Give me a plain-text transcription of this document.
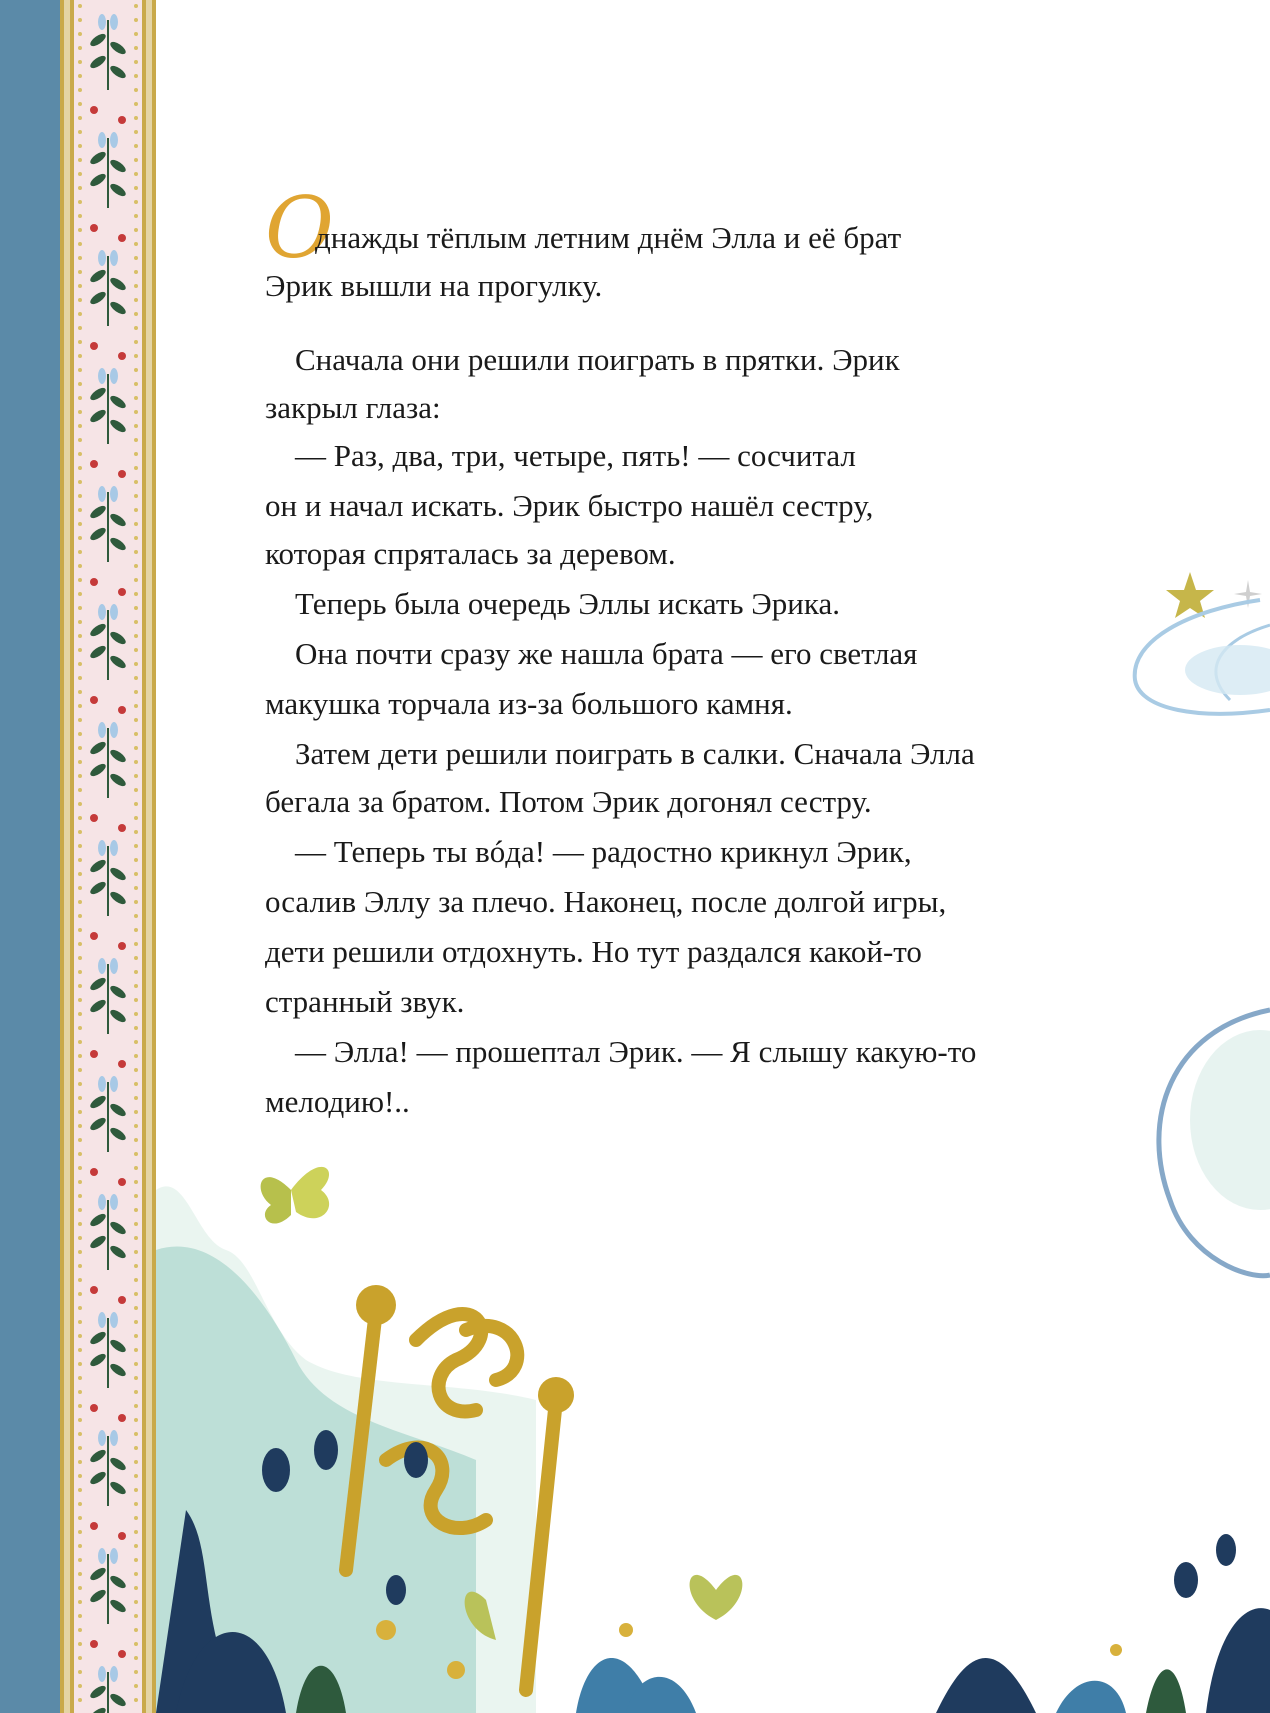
О
днажды тёплым летним днём Элла и её брат
Эрик вышли на прогулку.
Сначала они решили поиграть в прятки. Эрик
закрыл глаза:
— Раз, два, три, четыре, пять! — сосчитал
он и начал искать. Эрик быстро нашёл сестру,
которая спряталась за деревом.
Теперь была очередь Эллы искать Эрика.
Она почти сразу же нашла брата — его светлая
макушка торчала из-за большого камня.
Затем дети решили поиграть в салки. Сначала Элла
бегала за братом. Потом Эрик догонял сестру.
— Теперь ты вóда! — радостно крикнул Эрик,
осалив Эллу за плечо. Наконец, после долгой игры,
дети решили отдохнуть. Но тут раздался какой-то
странный звук.
— Элла! — прошептал Эрик. — Я слышу какую-то
мелодию!..
